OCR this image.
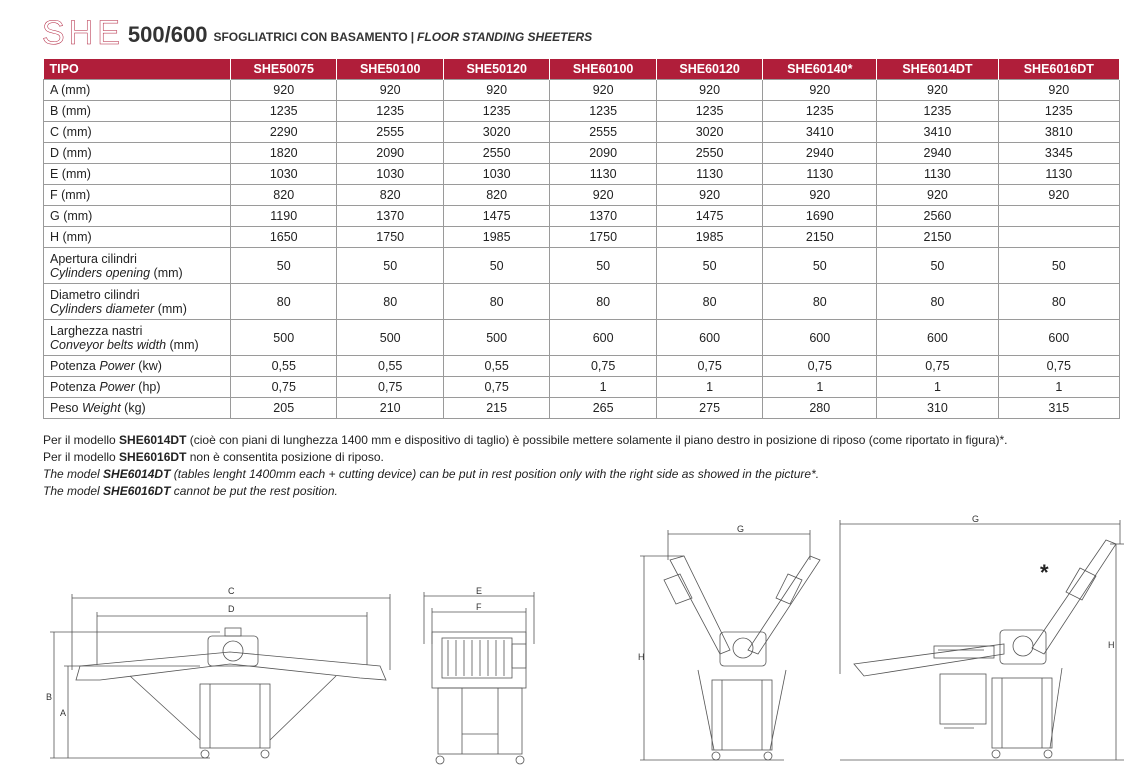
SHE 500/600 SFOGLIATRICI CON BASAMENTO | FLOOR STANDING SHEETERS
TIPO	SHE50075	SHE50100	SHE50120	SHE60100	SHE60120	SHE60140*	SHE6014DT	SHE6016DT
A (mm)	920	920	920	920	920	920	920	920
B (mm)	1235	1235	1235	1235	1235	1235	1235	1235
C (mm)	2290	2555	3020	2555	3020	3410	3410	3810
D (mm)	1820	2090	2550	2090	2550	2940	2940	3345
E (mm)	1030	1030	1030	1130	1130	1130	1130	1130
F (mm)	820	820	820	920	920	920	920	920
G (mm)	1190	1370	1475	1370	1475	1690	2560	
H (mm)	1650	1750	1985	1750	1985	2150	2150	
Apertura cilindri
Cylinders opening (mm)	50	50	50	50	50	50	50	50
Diametro cilindri
Cylinders diameter (mm)	80	80	80	80	80	80	80	80
Larghezza nastri
Conveyor belts width (mm)	500	500	500	600	600	600	600	600
Potenza Power (kw)	0,55	0,55	0,55	0,75	0,75	0,75	0,75	0,75
Potenza Power (hp)	0,75	0,75	0,75	1	1	1	1	1
Peso Weight (kg)	205	210	215	265	275	280	310	315
Per il modello SHE6014DT (cioè con piani di lunghezza 1400 mm e dispositivo di taglio) è possibile mettere solamente il piano destro in posizione di riposo (come riportato in figura)*.
Per il modello SHE6016DT non è consentita posizione di riposo.
The model SHE6014DT (tables lenght 1400mm each + cutting device) can be put in rest position only with the right side as showed in the picture*.
The model SHE6016DT cannot be put the rest position.
C
D
B
A
E
F
G
H
*
G
H
